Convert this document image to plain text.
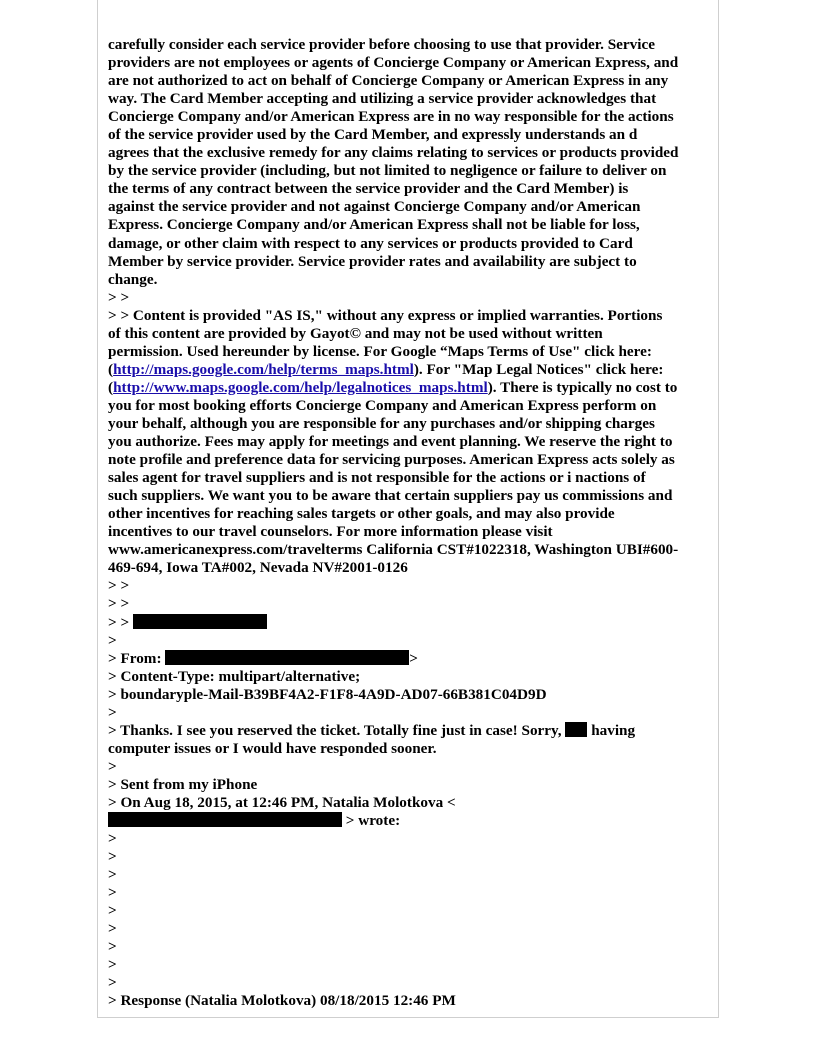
carefully consider each service provider before choosing to use that provider. Service
providers are not employees or agents of Concierge Company or American Express, and
are not authorized to act on behalf of Concierge Company or American Express in any
way. The Card Member accepting and utilizing a service provider acknowledges that
Concierge Company and/or American Express are in no way responsible for the actions
of the service provider used by the Card Member, and expressly understands an d
agrees that the exclusive remedy for any claims relating to services or products provided
by the service provider (including, but not limited to negligence or failure to deliver on
the terms of any contract between the service provider and the Card Member) is
against the service provider and not against Concierge Company and/or American
Express. Concierge Company and/or American Express shall not be liable for loss,
damage, or other claim with respect to any services or products provided to Card
Member by service provider. Service provider rates and availability are subject to
change.

> >

> > Content is provided "AS IS," without any express or implied warranties. Portions
of this content are provided by Gayot© and may not be used without written
permission. Used hereunder by license. For Google “Maps Terms of Use" click here:
(http://maps.google.com/help/terms_maps.html). For "Map Legal Notices" click here:
(http://www.maps.google.com/help/legalnotices_maps.html). There is typically no cost to
you for most booking efforts Concierge Company and American Express perform on
your behalf, although you are responsible for any purchases and/or shipping charges
you authorize. Fees may apply for meetings and event planning. We reserve the right to
note profile and preference data for servicing purposes. American Express acts solely as
sales agent for travel suppliers and is not responsible for the actions or i nactions of
such suppliers. We want you to be aware that certain suppliers pay us commissions and
other incentives for reaching sales targets or other goals, and may also provide
incentives to our travel counselors. For more information please visit
www.americanexpress.com/travelterms California CST#1022318, Washington UBI#600-
469-694, Iowa TA#002, Nevada NV#2001-0126

> >
> >
> >
>
> From:	>
> Content-Type: multipart/alternative;
> boundaryple-Mail-B39BF4A2-F1F8-4A9D-AD07-66B381C04D9D
>
> Thanks. I see you reserved the ticket. Totally fine just in case! Sorry, having
computer issues or I would have responded sooner.
>
> Sent from my iPhone
> On Aug 18, 2015, at 12:46 PM, Natalia Molotkova <
> wrote:
>
>
>
>
>
>
>
>
>
> Response (Natalia Molotkova) 08/18/2015 12:46 PM
